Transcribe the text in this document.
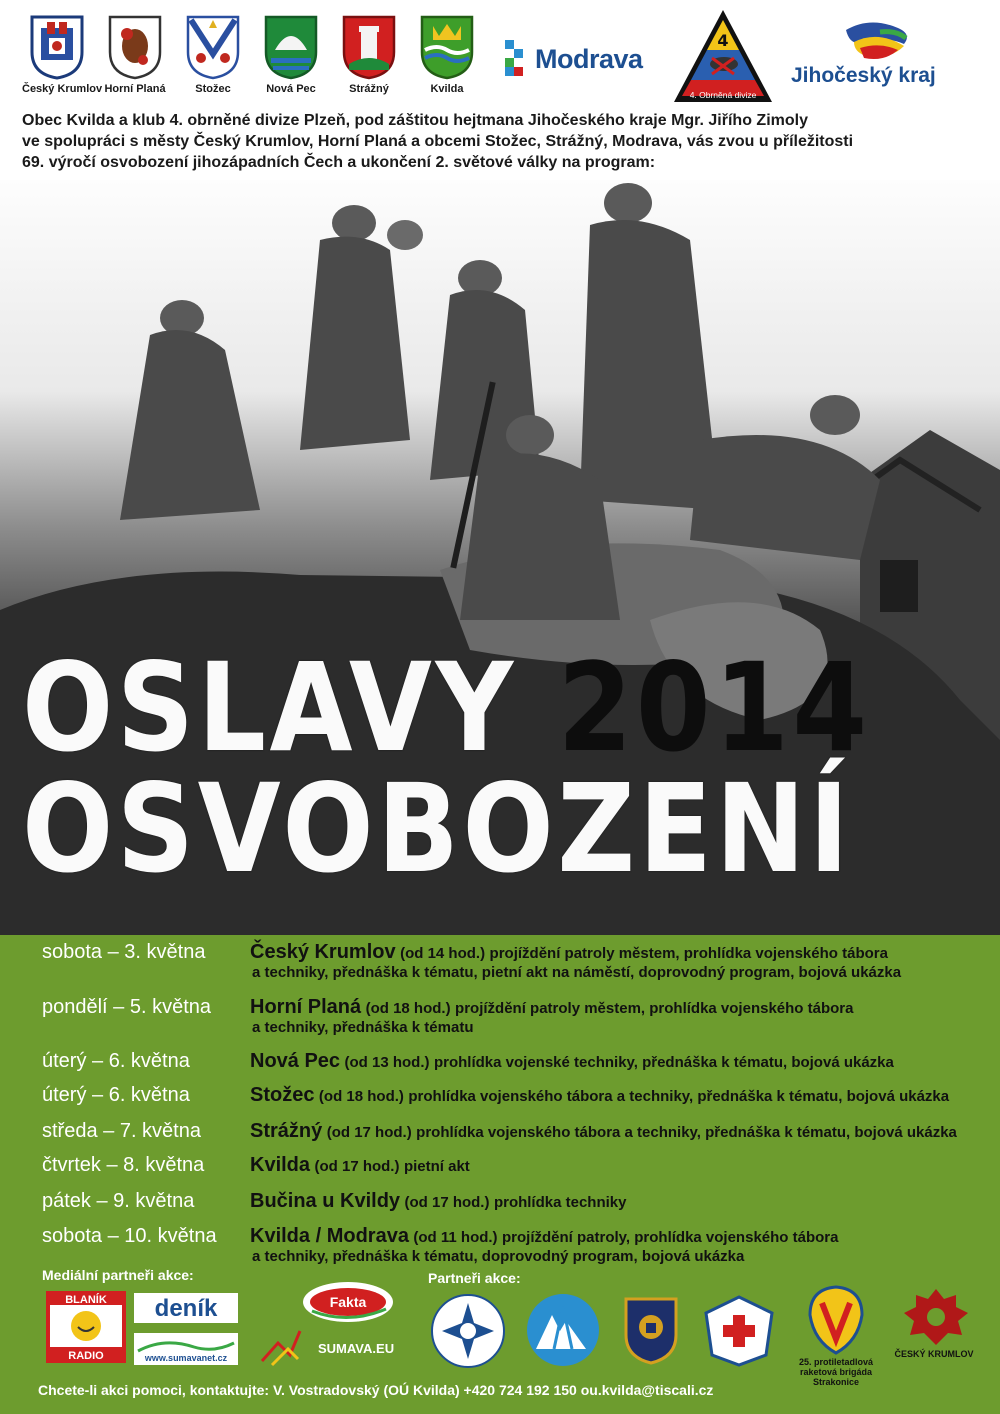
Český Krumlov Horní Planá	Stožec	Nová Pec	Strážný	Kvilda
Modrava
4
4. Obrněná divize
Jihočeský kraj
Obec Kvilda a klub 4. obrněné divize Plzeň, pod záštitou hejtmana Jihočeského kraje Mgr. Jiřího Zimoly
ve spolupráci s městy Český Krumlov, Horní Planá a obcemi Stožec, Strážný, Modrava, vás zvou u příležitosti
69. výročí osvobození jihozápadních Čech a ukončení 2. světové války na program:
OSLAVY 2014
OSVOBOZENÍ
sobota – 3. května Český Krumlov (od 14 hod.) projíždění patroly městem, prohlídka vojenského tábora
a techniky, přednáška k tématu, pietní akt na náměstí, doprovodný program, bojová ukázka
pondělí – 5. května Horní Planá (od 18 hod.) projíždění patroly městem, prohlídka vojenského tábora
a techniky, přednáška k tématu
úterý – 6. května	Nová Pec (od 13 hod.) prohlídka vojenské techniky, přednáška k tématu, bojová ukázka
úterý – 6. května	Stožec (od 18 hod.) prohlídka vojenského tábora a techniky, přednáška k tématu, bojová ukázka
středa – 7. května Strážný (od 17 hod.) prohlídka vojenského tábora a techniky, přednáška k tématu, bojová ukázka
čtvrtek – 8. května Kvilda (od 17 hod.) pietní akt
pátek – 9. května	Bučina u Kvildy (od 17 hod.) prohlídka techniky
sobota – 10. května Kvilda / Modrava (od 11 hod.) projíždění patroly, prohlídka vojenského tábora
a techniky, přednáška k tématu, doprovodný program, bojová ukázka
Mediální partneři akce:	Partneři akce:
BLANÍK
RADIO
deník
www.sumavanet.cz
Fakta
SUMAVA.EU
25. protiletadlová
raketová brigáda
Strakonice
ČESKÝ KRUMLOV
Chcete-li akci pomoci, kontaktujte: V. Vostradovský (OÚ Kvilda) +420 724 192 150 ou.kvilda@tiscali.cz
